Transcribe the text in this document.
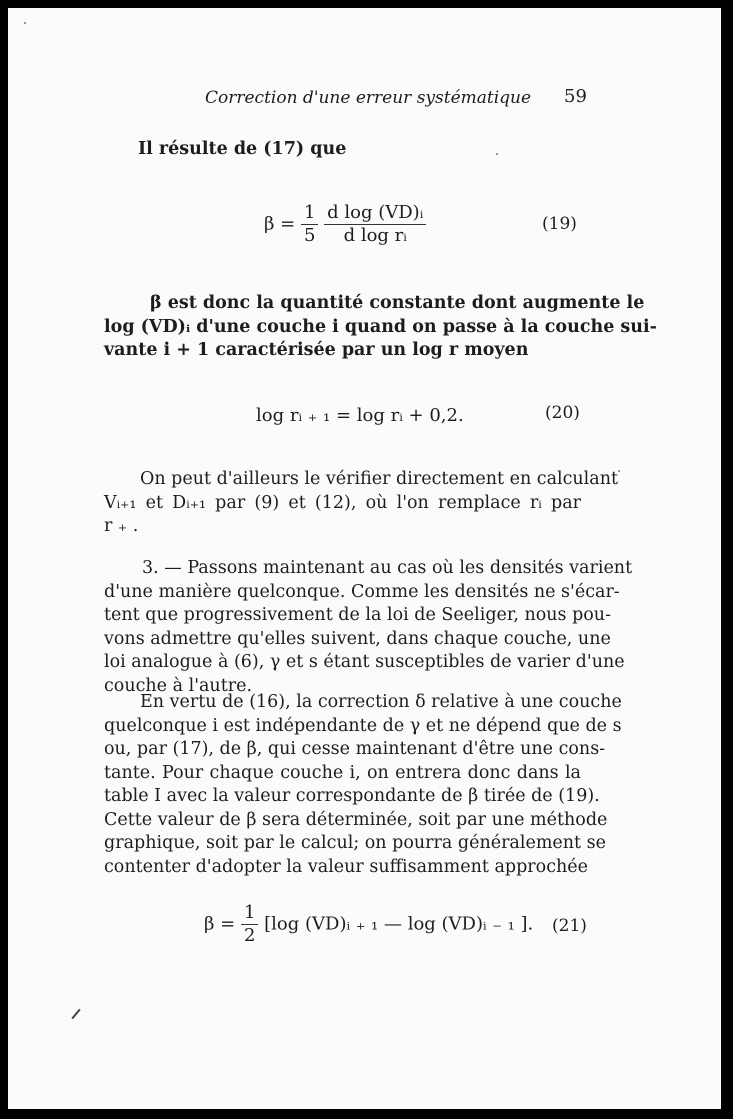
Correction d'une erreur systématique 59
Il résulte de (17) que
$\beta = \frac{1}{5}$
$\frac{\text{d log (VD)ᵢ}}{\text{d log rᵢ}}$	(19)
β est donc la quantité constante dont augmente le
log (VD)ᵢ d'une couche i quand on passe à la couche sui-
vante i + 1 caractérisée par un log r moyen
log rᵢ ₊ ₁ = log rᵢ + 0,2.	(20)
On peut d'ailleurs le vérifier directement en calculant
Vᵢ₊₁ et Dᵢ₊₁ par (9) et (12), où l'on remplace rᵢ par
r ₊ .
3. — Passons maintenant au cas où les densités varient
d'une manière quelconque. Comme les densités ne s'écar-
tent que progressivement de la loi de Seeliger, nous pou-
vons admettre qu'elles suivent, dans chaque couche, une
loi analogue à (6), γ et s étant susceptibles de varier d'une
couche à l'autre.
En vertu de (16), la correction δ relative à une couche
quelconque i est indépendante de γ et ne dépend que de s
ou, par (17), de β, qui cesse maintenant d'être une cons-
tante. Pour chaque couche i, on entrera donc dans la
table I avec la valeur correspondante de β tirée de (19).
Cette valeur de β sera déterminée, soit par une méthode
graphique, soit par le calcul; on pourra généralement se
contenter d'adopter la valeur suffisamment approchée
$\beta = \frac{1}{2} [\log$ (VD)ᵢ ₊ ₁ — log (VD)ᵢ ₋ ₁ ]. (21)
